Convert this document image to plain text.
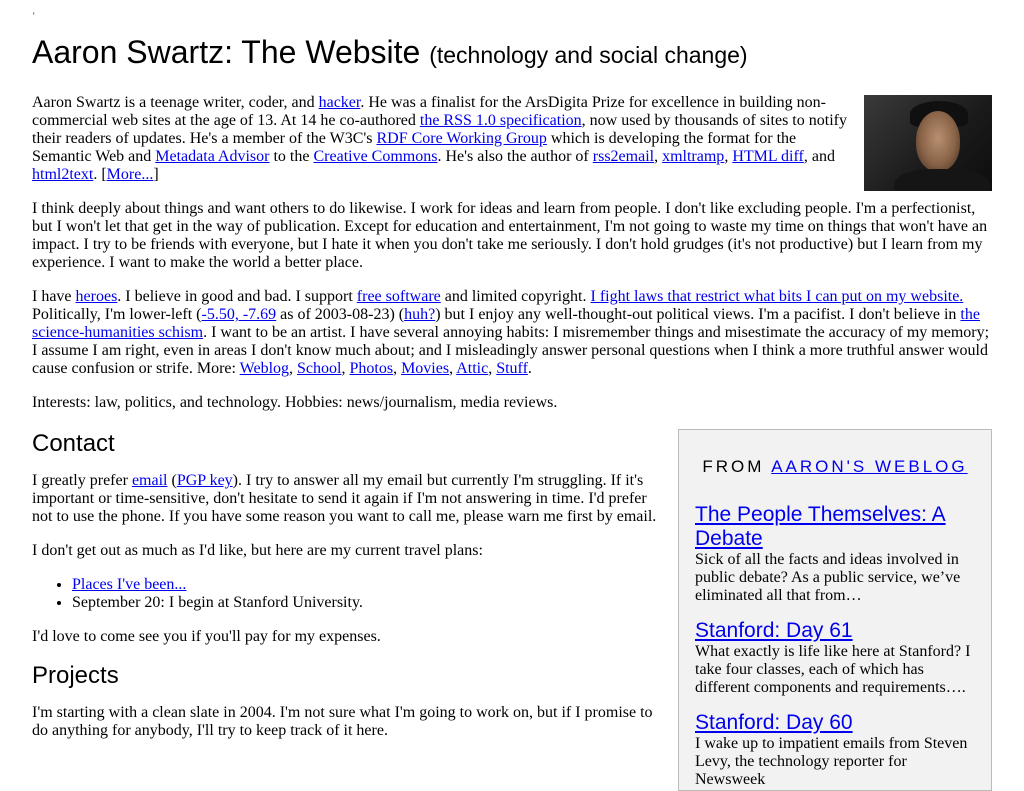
'
Aaron Swartz: The Website (technology and social change)

Aaron Swartz is a teenage writer, coder, and hacker. He was a finalist for the ArsDigita Prize for excellence in building non-commercial web sites at the age of 13. At 14 he co-authored the RSS 1.0 specification, now used by thousands of sites to notify their readers of updates. He's a member of the W3C's RDF Core Working Group which is developing the format for the Semantic Web and Metadata Advisor to the Creative Commons. He's also the author of rss2email, xmltramp, HTML diff, and html2text. [More...]

I think deeply about things and want others to do likewise. I work for ideas and learn from people. I don't like excluding people. I'm a perfectionist, but I won't let that get in the way of publication. Except for education and entertainment, I'm not going to waste my time on things that won't have an impact. I try to be friends with everyone, but I hate it when you don't take me seriously. I don't hold grudges (it's not productive) but I learn from my experience. I want to make the world a better place.

I have heroes. I believe in good and bad. I support free software and limited copyright. I fight laws that restrict what bits I can put on my website. Politically, I'm lower-left (-5.50, -7.69 as of 2003-08-23) (huh?) but I enjoy any well-thought-out political views. I'm a pacifist. I don't believe in the science-humanities schism. I want to be an artist. I have several annoying habits: I misremember things and misestimate the accuracy of my memory; I assume I am right, even in areas I don't know much about; and I misleadingly answer personal questions when I think a more truthful answer would cause confusion or strife. More: Weblog, School, Photos, Movies, Attic, Stuff.

Interests: law, politics, and technology. Hobbies: news/journalism, media reviews.

Contact

I greatly prefer email (PGP key). I try to answer all my email but currently I'm struggling. If it's important or time-sensitive, don't hesitate to send it again if I'm not answering in time. I'd prefer not to use the phone. If you have some reason you want to call me, please warn me first by email.

I don't get out as much as I'd like, but here are my current travel plans:

• Places I've been...
• September 20: I begin at Stanford University.

I'd love to come see you if you'll pay for my expenses.

Projects

I'm starting with a clean slate in 2004. I'm not sure what I'm going to work on, but if I promise to do anything for anybody, I'll try to keep track of it here.

FROM AARON'S WEBLOG
The People Themselves: A Debate

Sick of all the facts and ideas involved in public debate? As a public service, we’ve eliminated all that from…

Stanford: Day 61

What exactly is life like here at Stanford? I take four classes, each of which has different components and requirements….

Stanford: Day 60

I wake up to impatient emails from Steven Levy, the technology reporter for Newsweek
